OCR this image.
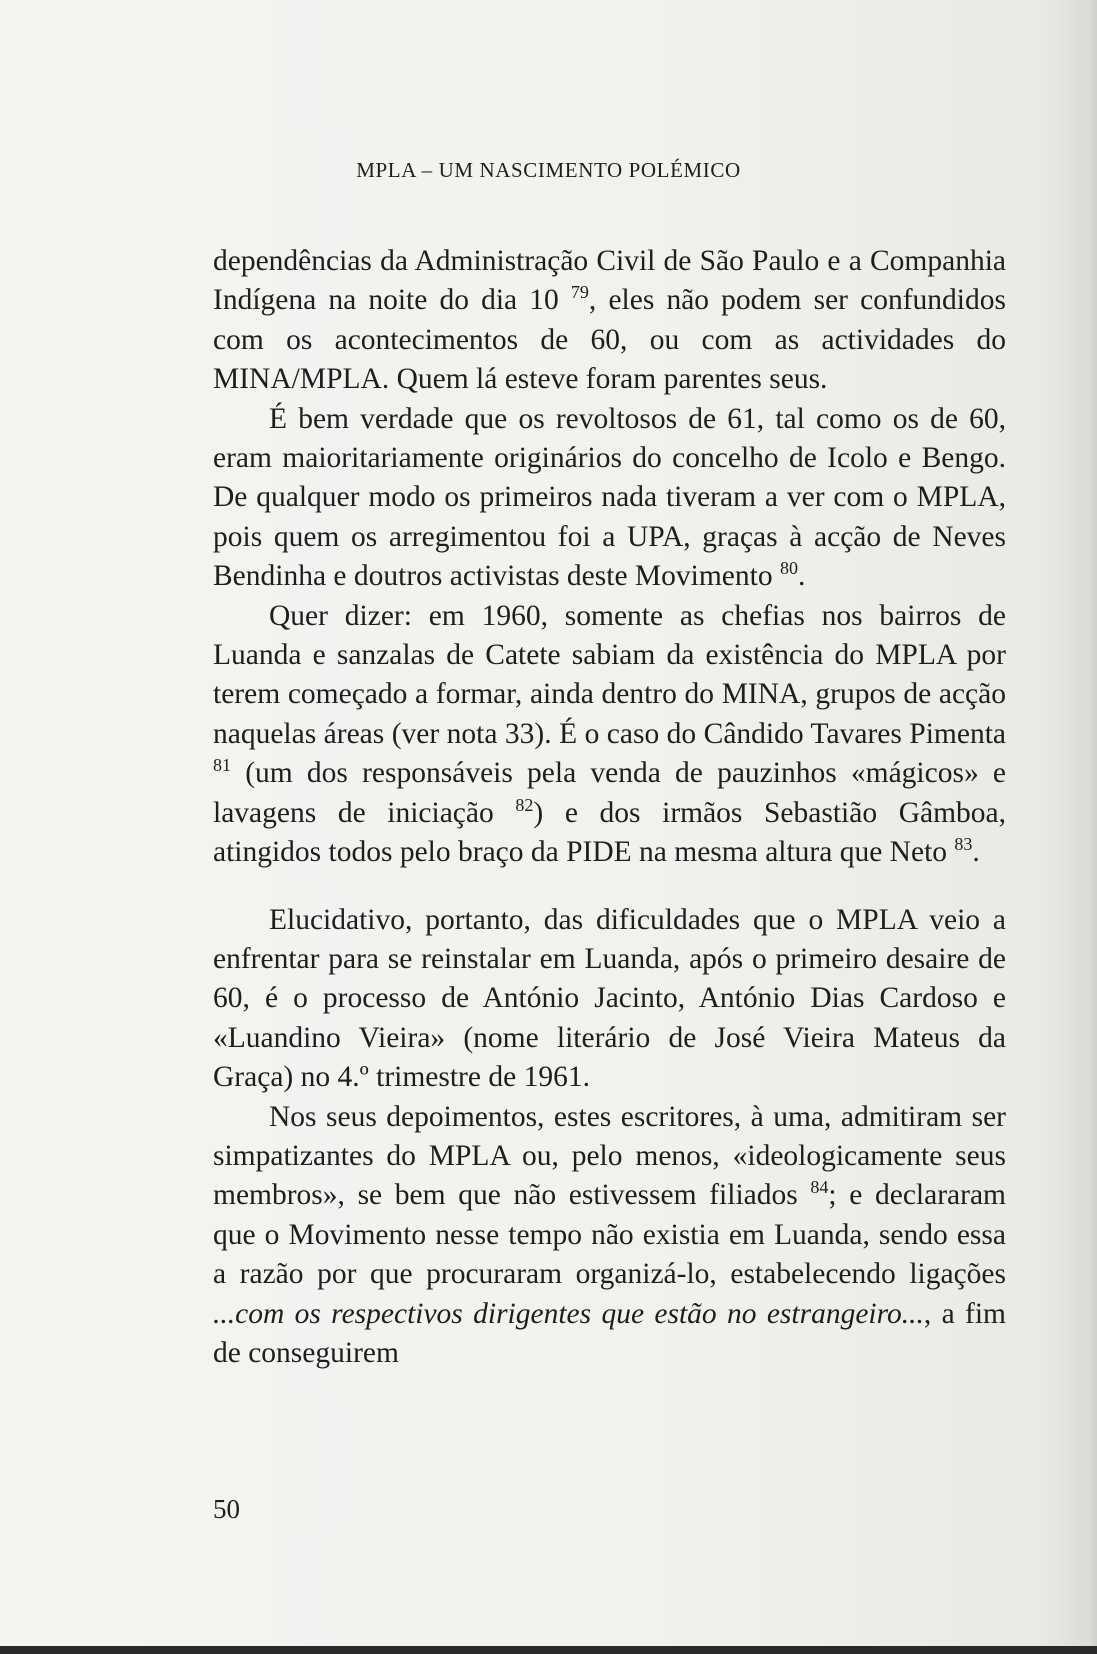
MPLA – UM NASCIMENTO POLÉMICO

dependências da Administração Civil de São Paulo e a Companhia Indígena na noite do dia 10 $^{79}$, eles não podem ser confundidos com os acontecimentos de 60, ou com as actividades do MINA/MPLA. Quem lá esteve foram parentes seus.

É bem verdade que os revoltosos de 61, tal como os de 60, eram maioritariamente originários do concelho de Icolo e Bengo. De qualquer modo os primeiros nada tiveram a ver com o MPLA, pois quem os arregimentou foi a UPA, graças à acção de Neves Bendinha e doutros activistas deste Movimento $^{80}$.

Quer dizer: em 1960, somente as chefias nos bairros de Luanda e sanzalas de Catete sabiam da existência do MPLA por terem começado a formar, ainda dentro do MINA, grupos de acção naquelas áreas (ver nota 33). É o caso do Cândido Tavares Pimenta $^{81}$ (um dos responsáveis pela venda de pauzinhos «mágicos» e lavagens de iniciação $^{82}$) e dos irmãos Sebastião Gâmboa, atingidos todos pelo braço da PIDE na mesma altura que Neto $^{83}$.

Elucidativo, portanto, das dificuldades que o MPLA veio a enfrentar para se reinstalar em Luanda, após o primeiro desaire de 60, é o processo de António Jacinto, António Dias Cardoso e «Luandino Vieira» (nome literário de José Vieira Mateus da Graça) no 4.º trimestre de 1961.

Nos seus depoimentos, estes escritores, à uma, admitiram ser simpatizantes do MPLA ou, pelo menos, «ideologicamente seus membros», se bem que não estivessem filiados $^{84}$; e declararam que o Movimento nesse tempo não existia em Luanda, sendo essa a razão por que procuraram organizá-lo, estabelecendo ligações ...com os respectivos dirigentes que estão no estrangeiro..., a fim de conseguirem

50
